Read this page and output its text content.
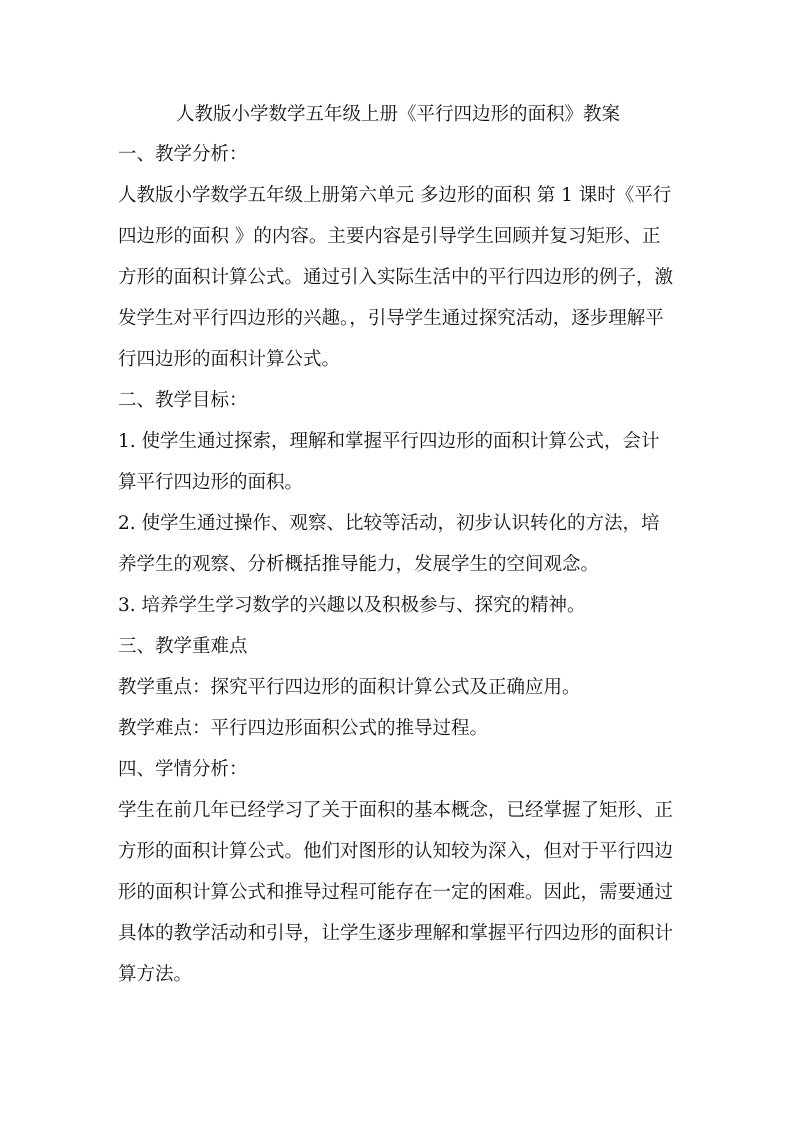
人教版小学数学五年级上册《平行四边形的面积》教案
一、教学分析：
人教版小学数学五年级上册第六单元 多边形的面积 第 1 课时《平行
四边形的面积 》的内容。主要内容是引导学生回顾并复习矩形、正
方形的面积计算公式。通过引入实际生活中的平行四边形的例子，激
发学生对平行四边形的兴趣。，引导学生通过探究活动，逐步理解平
行四边形的面积计算公式。
二、教学目标：
1. 使学生通过探索，理解和掌握平行四边形的面积计算公式，会计
算平行四边形的面积。
2. 使学生通过操作、观察、比较等活动，初步认识转化的方法，培
养学生的观察、分析概括推导能力，发展学生的空间观念。
3. 培养学生学习数学的兴趣以及积极参与、探究的精神。
三、教学重难点
教学重点：探究平行四边形的面积计算公式及正确应用。
教学难点：平行四边形面积公式的推导过程。
四、学情分析：
学生在前几年已经学习了关于面积的基本概念，已经掌握了矩形、正
方形的面积计算公式。他们对图形的认知较为深入，但对于平行四边
形的面积计算公式和推导过程可能存在一定的困难。因此，需要通过
具体的教学活动和引导，让学生逐步理解和掌握平行四边形的面积计
算方法。
